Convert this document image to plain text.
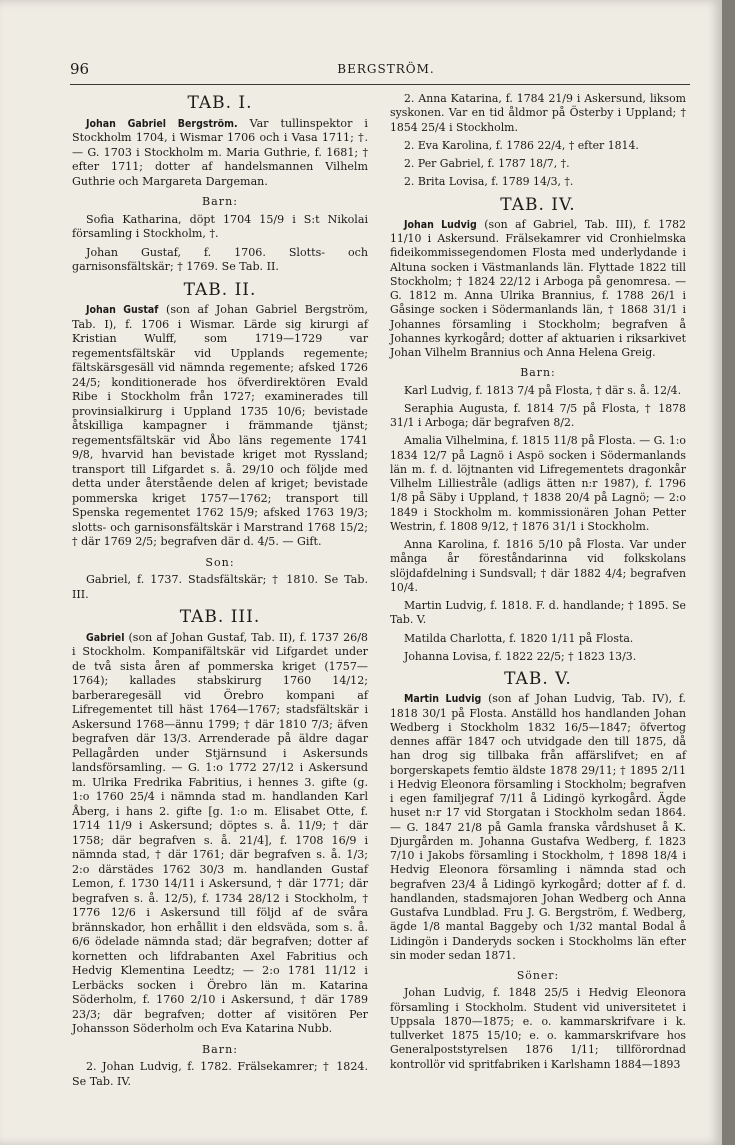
96	BERGSTRÖM.
TAB. I.

Johan Gabriel Bergström. Var tullinspektor i Stockholm 1704, i Wismar 1706 och i Vasa 1711; †. — G. 1703 i Stockholm m. Maria Guthrie, f. 1681; † efter 1711; dotter af handelsmannen Vilhelm Guthrie och Margareta Dargeman.

Barn:

Sofia Katharina, döpt 1704 15/9 i S:t Nikolai församling i Stockholm, †.

Johan Gustaf, f. 1706. Slotts- och garnisonsfältskär; † 1769. Se Tab. II.

TAB. II.

Johan Gustaf (son af Johan Gabriel Bergström, Tab. I), f. 1706 i Wismar. Lärde sig kirurgi af Kristian Wulff, som 1719—1729 var regementsfältskär vid Upplands regemente; fältskärsgesäll vid nämnda regemente; afsked 1726 24/5; konditionerade hos öfverdirektören Evald Ribe i Stockholm från 1727; examinerades till provinsialkirurg i Uppland 1735 10/6; bevistade åtskilliga kampagner i främmande tjänst; regementsfältskär vid Åbo läns regemente 1741 9/8, hvarvid han bevistade kriget mot Ryssland; transport till Lifgardet s. å. 29/10 och följde med detta under återstående delen af kriget; bevistade pommerska kriget 1757—1762; transport till Spenska regementet 1762 15/9; afsked 1763 19/3; slotts- och garnisonsfältskär i Marstrand 1768 15/2; † där 1769 2/5; begrafven där d. 4/5. — Gift.

Son:

Gabriel, f. 1737. Stadsfältskär; † 1810. Se Tab. III.

TAB. III.

Gabriel (son af Johan Gustaf, Tab. II), f. 1737 26/8 i Stockholm. Kompanifältskär vid Lifgardet under de två sista åren af pommerska kriget (1757—1764); kallades stabskirurg 1760 14/12; barberaregesäll vid Örebro kompani af Lifregementet till häst 1764—1767; stadsfältskär i Askersund 1768—ännu 1799; † där 1810 7/3; äfven begrafven där 13/3. Arrenderade på äldre dagar Pellagården under Stjärnsund i Askersunds landsförsamling. — G. 1:o 1772 27/12 i Askersund m. Ulrika Fredrika Fabritius, i hennes 3. gifte (g. 1:o 1760 25/4 i nämnda stad m. handlanden Karl Åberg, i hans 2. gifte [g. 1:o m. Elisabet Otte, f. 1714 11/9 i Askersund; döptes s. å. 11/9; † där 1758; där begrafven s. å. 21/4], f. 1708 16/9 i nämnda stad, † där 1761; där begrafven s. å. 1/3; 2:o därstädes 1762 30/3 m. handlanden Gustaf Lemon, f. 1730 14/11 i Askersund, † där 1771; där begrafven s. å. 12/5), f. 1734 28/12 i Stockholm, † 1776 12/6 i Askersund till följd af de svåra brännskador, hon erhållit i den eldsväda, som s. å. 6/6 ödelade nämnda stad; där begrafven; dotter af kornetten och lifdrabanten Axel Fabritius och Hedvig Klementina Leedtz; — 2:o 1781 11/12 i Lerbäcks socken i Örebro län m. Katarina Söderholm, f. 1760 2/10 i Askersund, † där 1789 23/3; där begrafven; dotter af visitören Per Johansson Söderholm och Eva Katarina Nubb.

Barn:

2. Johan Ludvig, f. 1782. Frälsekamrer; † 1824. Se Tab. IV.

2. Anna Katarina, f. 1784 21/9 i Askersund, liksom syskonen. Var en tid åldmor på Österby i Uppland; † 1854 25/4 i Stockholm.

2. Eva Karolina, f. 1786 22/4, † efter 1814.

2. Per Gabriel, f. 1787 18/7, †.

2. Brita Lovisa, f. 1789 14/3, †.

TAB. IV.

Johan Ludvig (son af Gabriel, Tab. III), f. 1782 11/10 i Askersund. Frälsekamrer vid Cronhielmska fideikommissegendomen Flosta med underlydande i Altuna socken i Västmanlands län. Flyttade 1822 till Stockholm; † 1824 22/12 i Arboga på genomresa. — G. 1812 m. Anna Ulrika Brannius, f. 1788 26/1 i Gåsinge socken i Södermanlands län, † 1868 31/1 i Johannes församling i Stockholm; begrafven å Johannes kyrkogård; dotter af aktuarien i riksarkivet Johan Vilhelm Brannius och Anna Helena Greig.

Barn:

Karl Ludvig, f. 1813 7/4 på Flosta, † där s. å. 12/4.

Seraphia Augusta, f. 1814 7/5 på Flosta, † 1878 31/1 i Arboga; där begrafven 8/2.

Amalia Vilhelmina, f. 1815 11/8 på Flosta. — G. 1:o 1834 12/7 på Lagnö i Aspö socken i Södermanlands län m. f. d. löjtnanten vid Lifregementets dragonkår Vilhelm Lilliestråle (adligs ätten n:r 1987), f. 1796 1/8 på Säby i Uppland, † 1838 20/4 på Lagnö; — 2:o 1849 i Stockholm m. kommissionären Johan Petter Westrin, f. 1808 9/12, † 1876 31/1 i Stockholm.

Anna Karolina, f. 1816 5/10 på Flosta. Var under många år föreståndarinna vid folkskolans slöjdafdelning i Sundsvall; † där 1882 4/4; begrafven 10/4.

Martin Ludvig, f. 1818. F. d. handlande; † 1895. Se Tab. V.

Matilda Charlotta, f. 1820 1/11 på Flosta.

Johanna Lovisa, f. 1822 22/5; † 1823 13/3.

TAB. V.

Martin Ludvig (son af Johan Ludvig, Tab. IV), f. 1818 30/1 på Flosta. Anställd hos handlanden Johan Wedberg i Stockholm 1832 16/5—1847; öfvertog dennes affär 1847 och utvidgade den till 1875, då han drog sig tillbaka från affärslifvet; en af borgerskapets femtio äldste 1878 29/11; † 1895 2/11 i Hedvig Eleonora församling i Stockholm; begrafven i egen familjegraf 7/11 å Lidingö kyrkogård. Ägde huset n:r 17 vid Storgatan i Stockholm sedan 1864. — G. 1847 21/8 på Gamla franska vårdshuset å K. Djurgården m. Johanna Gustafva Wedberg, f. 1823 7/10 i Jakobs församling i Stockholm, † 1898 18/4 i Hedvig Eleonora församling i nämnda stad och begrafven 23/4 å Lidingö kyrkogård; dotter af f. d. handlanden, stadsmajoren Johan Wedberg och Anna Gustafva Lundblad. Fru J. G. Bergström, f. Wedberg, ägde 1/8 mantal Baggeby och 1/32 mantal Bodal å Lidingön i Danderyds socken i Stockholms län efter sin moder sedan 1871.

Söner:

Johan Ludvig, f. 1848 25/5 i Hedvig Eleonora församling i Stockholm. Student vid universitetet i Uppsala 1870—1875; e. o. kammarskrifvare i k. tullverket 1875 15/10; e. o. kammarskrifvare hos Generalpoststyrelsen 1876 1/11; tillförordnad kontrollör vid spritfabriken i Karlshamn 1884—1893
